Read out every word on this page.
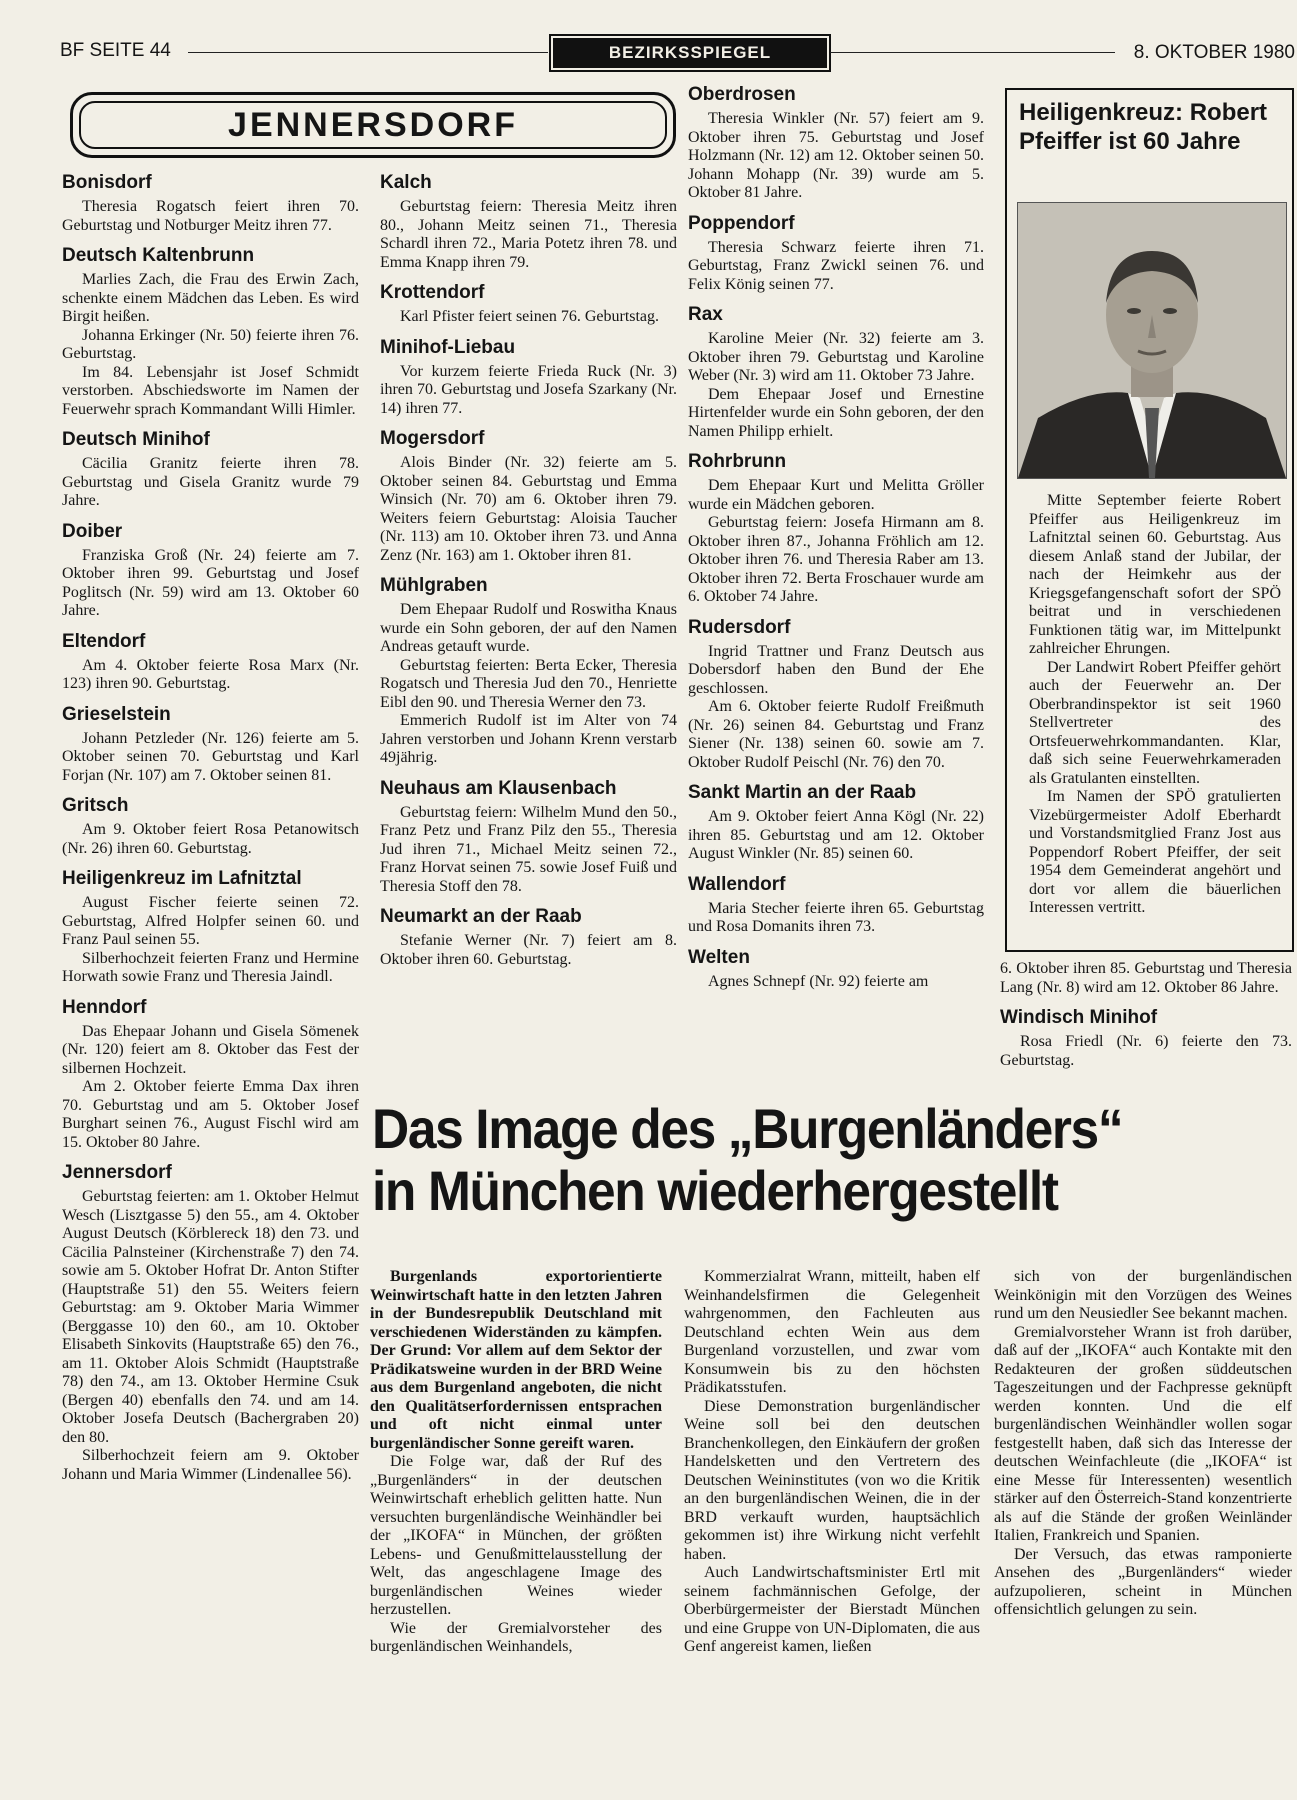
BF SEITE 44	BEZIRKSSPIEGEL	8. OKTOBER 1980
JENNERSDORF
Bonisdorf

Theresia Rogatsch feiert ihren 70. Geburtstag und Notburger Meitz ihren 77.

Deutsch Kaltenbrunn

Marlies Zach, die Frau des Erwin Zach, schenkte einem Mädchen das Leben. Es wird Birgit heißen.

Johanna Erkinger (Nr. 50) feierte ihren 76. Geburtstag.

Im 84. Lebensjahr ist Josef Schmidt verstorben. Abschiedsworte im Namen der Feuerwehr sprach Kommandant Willi Himler.

Deutsch Minihof

Cäcilia Granitz feierte ihren 78. Geburtstag und Gisela Granitz wurde 79 Jahre.

Doiber

Franziska Groß (Nr. 24) feierte am 7. Oktober ihren 99. Geburtstag und Josef Poglitsch (Nr. 59) wird am 13. Oktober 60 Jahre.

Eltendorf

Am 4. Oktober feierte Rosa Marx (Nr. 123) ihren 90. Geburtstag.

Grieselstein

Johann Petzleder (Nr. 126) feierte am 5. Oktober seinen 70. Geburtstag und Karl Forjan (Nr. 107) am 7. Oktober seinen 81.

Gritsch

Am 9. Oktober feiert Rosa Petanowitsch (Nr. 26) ihren 60. Geburtstag.

Heiligenkreuz im Lafnitztal

August Fischer feierte seinen 72. Geburtstag, Alfred Holpfer seinen 60. und Franz Paul seinen 55.

Silberhochzeit feierten Franz und Hermine Horwath sowie Franz und Theresia Jaindl.

Henndorf

Das Ehepaar Johann und Gisela Sömenek (Nr. 120) feiert am 8. Oktober das Fest der silbernen Hochzeit.

Am 2. Oktober feierte Emma Dax ihren 70. Geburtstag und am 5. Oktober Josef Burghart seinen 76., August Fischl wird am 15. Oktober 80 Jahre.

Jennersdorf

Geburtstag feierten: am 1. Oktober Helmut Wesch (Lisztgasse 5) den 55., am 4. Oktober August Deutsch (Körblereck 18) den 73. und Cäcilia Palnsteiner (Kirchenstraße 7) den 74. sowie am 5. Oktober Hofrat Dr. Anton Stifter (Hauptstraße 51) den 55. Weiters feiern Geburtstag: am 9. Oktober Maria Wimmer (Berggasse 10) den 60., am 10. Oktober Elisabeth Sinkovits (Hauptstraße 65) den 76., am 11. Oktober Alois Schmidt (Hauptstraße 78) den 74., am 13. Oktober Hermine Csuk (Bergen 40) ebenfalls den 74. und am 14. Oktober Josefa Deutsch (Bachergraben 20) den 80.

Silberhochzeit feiern am 9. Oktober Johann und Maria Wimmer (Lindenallee 56).

Kalch

Geburtstag feiern: Theresia Meitz ihren 80., Johann Meitz seinen 71., Theresia Schardl ihren 72., Maria Potetz ihren 78. und Emma Knapp ihren 79.

Krottendorf

Karl Pfister feiert seinen 76. Geburtstag.

Minihof-Liebau

Vor kurzem feierte Frieda Ruck (Nr. 3) ihren 70. Geburtstag und Josefa Szarkany (Nr. 14) ihren 77.

Mogersdorf

Alois Binder (Nr. 32) feierte am 5. Oktober seinen 84. Geburtstag und Emma Winsich (Nr. 70) am 6. Oktober ihren 79. Weiters feiern Geburtstag: Aloisia Taucher (Nr. 113) am 10. Oktober ihren 73. und Anna Zenz (Nr. 163) am 1. Oktober ihren 81.

Mühlgraben

Dem Ehepaar Rudolf und Roswitha Knaus wurde ein Sohn geboren, der auf den Namen Andreas getauft wurde.

Geburtstag feierten: Berta Ecker, Theresia Rogatsch und Theresia Jud den 70., Henriette Eibl den 90. und Theresia Werner den 73.

Emmerich Rudolf ist im Alter von 74 Jahren verstorben und Johann Krenn verstarb 49jährig.

Neuhaus am Klausenbach

Geburtstag feiern: Wilhelm Mund den 50., Franz Petz und Franz Pilz den 55., Theresia Jud ihren 71., Michael Meitz seinen 72., Franz Horvat seinen 75. sowie Josef Fuiß und Theresia Stoff den 78.

Neumarkt an der Raab

Stefanie Werner (Nr. 7) feiert am 8. Oktober ihren 60. Geburtstag.

Oberdrosen

Theresia Winkler (Nr. 57) feiert am 9. Oktober ihren 75. Geburtstag und Josef Holzmann (Nr. 12) am 12. Oktober seinen 50. Johann Mohapp (Nr. 39) wurde am 5. Oktober 81 Jahre.

Poppendorf

Theresia Schwarz feierte ihren 71. Geburtstag, Franz Zwickl seinen 76. und Felix König seinen 77.

Rax

Karoline Meier (Nr. 32) feierte am 3. Oktober ihren 79. Geburtstag und Karoline Weber (Nr. 3) wird am 11. Oktober 73 Jahre.

Dem Ehepaar Josef und Ernestine Hirtenfelder wurde ein Sohn geboren, der den Namen Philipp erhielt.

Rohrbrunn

Dem Ehepaar Kurt und Melitta Gröller wurde ein Mädchen geboren.

Geburtstag feiern: Josefa Hirmann am 8. Oktober ihren 87., Johanna Fröhlich am 12. Oktober ihren 76. und Theresia Raber am 13. Oktober ihren 72. Berta Froschauer wurde am 6. Oktober 74 Jahre.

Rudersdorf

Ingrid Trattner und Franz Deutsch aus Dobersdorf haben den Bund der Ehe geschlossen.

Am 6. Oktober feierte Rudolf Freißmuth (Nr. 26) seinen 84. Geburtstag und Franz Siener (Nr. 138) seinen 60. sowie am 7. Oktober Rudolf Peischl (Nr. 76) den 70.

Sankt Martin an der Raab

Am 9. Oktober feiert Anna Kögl (Nr. 22) ihren 85. Geburtstag und am 12. Oktober August Winkler (Nr. 85) seinen 60.

Wallendorf

Maria Stecher feierte ihren 65. Geburtstag und Rosa Domanits ihren 73.

Welten

Agnes Schnepf (Nr. 92) feierte am

Heiligenkreuz: Robert Pfeiffer ist 60 Jahre

Mitte September feierte Robert Pfeiffer aus Heiligenkreuz im Lafnitztal seinen 60. Geburtstag. Aus diesem Anlaß stand der Jubilar, der nach der Heimkehr aus der Kriegsgefangenschaft sofort der SPÖ beitrat und in verschiedenen Funktionen tätig war, im Mittelpunkt zahlreicher Ehrungen.

Der Landwirt Robert Pfeiffer gehört auch der Feuerwehr an. Der Oberbrandinspektor ist seit 1960 Stellvertreter des Ortsfeuerwehrkommandanten. Klar, daß sich seine Feuerwehrkameraden als Gratulanten einstellten.

Im Namen der SPÖ gratulierten Vizebürgermeister Adolf Eberhardt und Vorstandsmitglied Franz Jost aus Poppendorf Robert Pfeiffer, der seit 1954 dem Gemeinderat angehört und dort vor allem die bäuerlichen Interessen vertritt.

6. Oktober ihren 85. Geburtstag und Theresia Lang (Nr. 8) wird am 12. Oktober 86 Jahre.

Windisch Minihof

Rosa Friedl (Nr. 6) feierte den 73. Geburtstag.

Das Image des „Burgenländers“
in München wiederhergestellt

Burgenlands exportorientierte Weinwirtschaft hatte in den letzten Jahren in der Bundesrepublik Deutschland mit verschiedenen Widerständen zu kämpfen. Der Grund: Vor allem auf dem Sektor der Prädikatsweine wurden in der BRD Weine aus dem Burgenland angeboten, die nicht den Qualitätserfordernissen entsprachen und oft nicht einmal unter burgenländischer Sonne gereift waren.

Die Folge war, daß der Ruf des „Burgenländers“ in der deutschen Weinwirtschaft erheblich gelitten hatte. Nun versuchten burgenländische Weinhändler bei der „IKOFA“ in München, der größten Lebens- und Genußmittelausstellung der Welt, das angeschlagene Image des burgenländischen Weines wieder herzustellen.

Wie der Gremialvorsteher des burgenländischen Weinhandels,

Kommerzialrat Wrann, mitteilt, haben elf Weinhandelsfirmen die Gelegenheit wahrgenommen, den Fachleuten aus Deutschland echten Wein aus dem Burgenland vorzustellen, und zwar vom Konsumwein bis zu den höchsten Prädikatsstufen.

Diese Demonstration burgenländischer Weine soll bei den deutschen Branchenkollegen, den Einkäufern der großen Handelsketten und den Vertretern des Deutschen Weininstitutes (von wo die Kritik an den burgenländischen Weinen, die in der BRD verkauft wurden, hauptsächlich gekommen ist) ihre Wirkung nicht verfehlt haben.

Auch Landwirtschaftsminister Ertl mit seinem fachmännischen Gefolge, der Oberbürgermeister der Bierstadt München und eine Gruppe von UN-Diplomaten, die aus Genf angereist kamen, ließen

sich von der burgenländischen Weinkönigin mit den Vorzügen des Weines rund um den Neusiedler See bekannt machen.

Gremialvorsteher Wrann ist froh darüber, daß auf der „IKOFA“ auch Kontakte mit den Redakteuren der großen süddeutschen Tageszeitungen und der Fachpresse geknüpft werden konnten. Und die elf burgenländischen Weinhändler wollen sogar festgestellt haben, daß sich das Interesse der deutschen Weinfachleute (die „IKOFA“ ist eine Messe für Interessenten) wesentlich stärker auf den Österreich-Stand konzentrierte als auf die Stände der großen Weinländer Italien, Frankreich und Spanien.

Der Versuch, das etwas ramponierte Ansehen des „Burgenländers“ wieder aufzupolieren, scheint in München offensichtlich gelungen zu sein.
